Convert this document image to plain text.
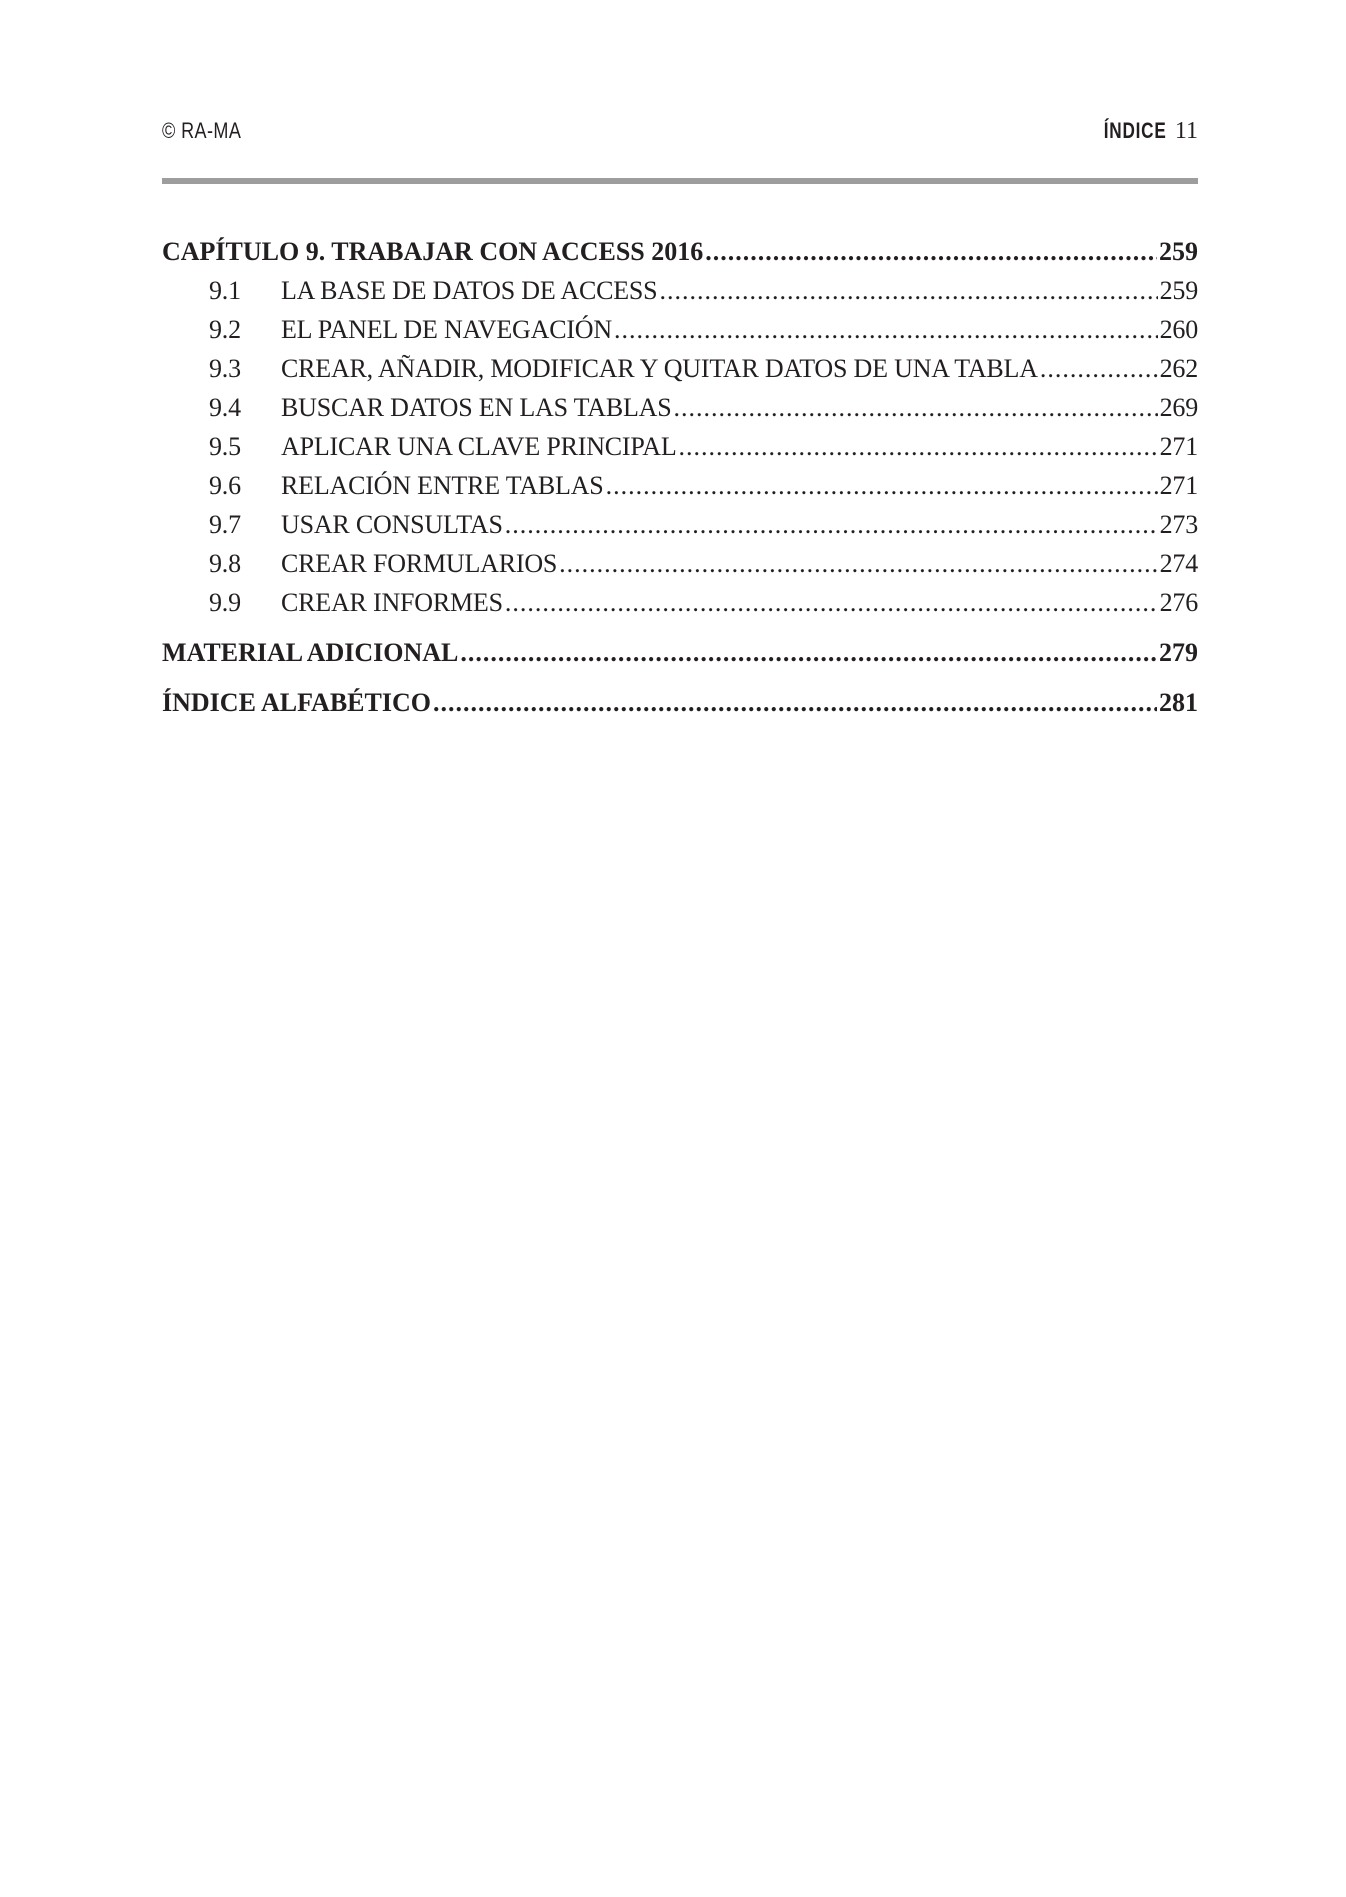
© RA-MA	ÍNDICE 11
CAPÍTULO 9. TRABAJAR CON ACCESS 2016 .....	259
9.1	LA BASE DE DATOS DE ACCESS .....	259
9.2	EL PANEL DE NAVEGACIÓN .....	260
9.3	CREAR, AÑADIR, MODIFICAR Y QUITAR DATOS DE UNA TABLA .....	262
9.4	BUSCAR DATOS EN LAS TABLAS .....	269
9.5	APLICAR UNA CLAVE PRINCIPAL .....	271
9.6	RELACIÓN ENTRE TABLAS .....	271
9.7	USAR CONSULTAS .....	273
9.8	CREAR FORMULARIOS .....	274
9.9	CREAR INFORMES .....	276
MATERIAL ADICIONAL .....	279
ÍNDICE ALFABÉTICO .....	281
